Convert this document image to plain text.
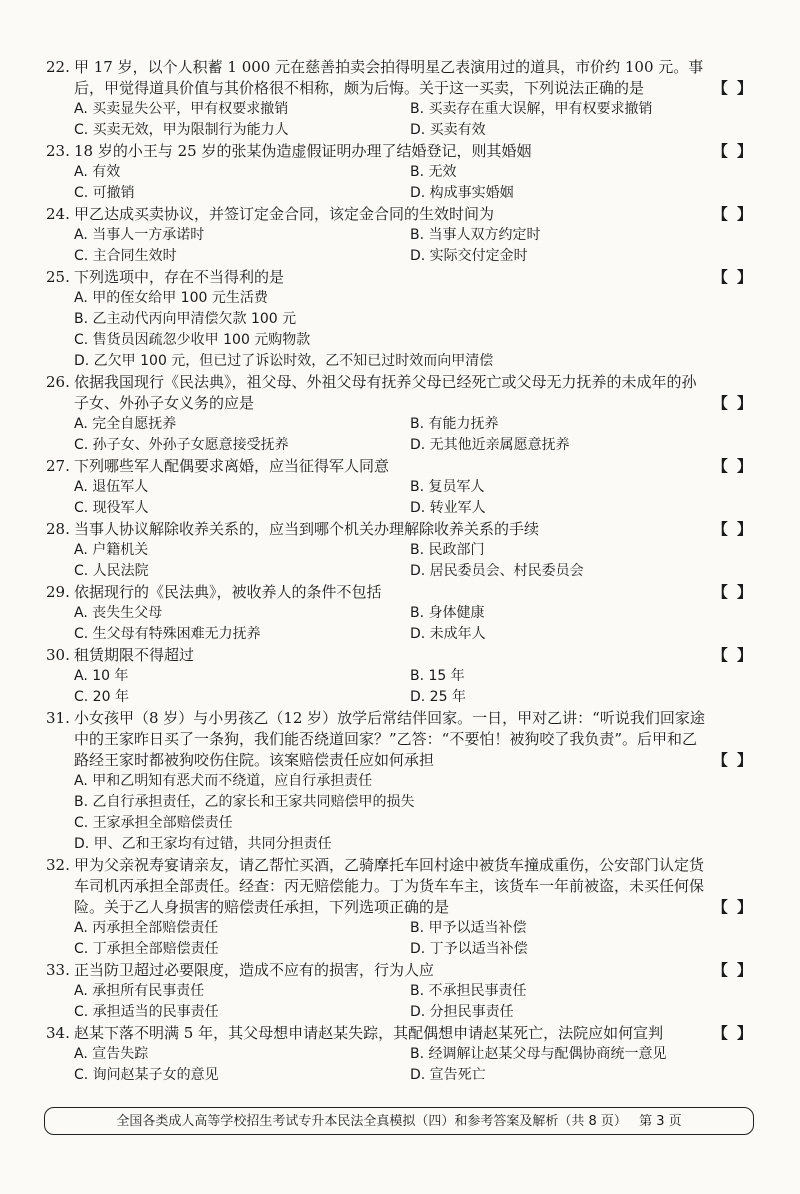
22. 甲 17 岁，以个人积蓄 1 000 元在慈善拍卖会拍得明星乙表演用过的道具，市价约 100 元。事后，甲觉得道具价值与其价格很不相称，颇为后悔。关于这一买卖，下列说法正确的是	【 】
A. 买卖显失公平，甲有权要求撤销	B. 买卖存在重大误解，甲有权要求撤销
C. 买卖无效，甲为限制行为能力人	D. 买卖有效
23. 18 岁的小王与 25 岁的张某伪造虚假证明办理了结婚登记，则其婚姻	【 】
A. 有效	B. 无效
C. 可撤销	D. 构成事实婚姻
24. 甲乙达成买卖协议，并签订定金合同，该定金合同的生效时间为	【 】
A. 当事人一方承诺时	B. 当事人双方约定时
C. 主合同生效时	D. 实际交付定金时
25. 下列选项中，存在不当得利的是	【 】
A. 甲的侄女给甲 100 元生活费
B. 乙主动代丙向甲清偿欠款 100 元
C. 售货员因疏忽少收甲 100 元购物款
D. 乙欠甲 100 元，但已过了诉讼时效，乙不知已过时效而向甲清偿
26. 依据我国现行《民法典》，祖父母、外祖父母有抚养父母已经死亡或父母无力抚养的未成年的孙子女、外孙子女义务的应是	【 】
A. 完全自愿抚养	B. 有能力抚养
C. 孙子女、外孙子女愿意接受抚养	D. 无其他近亲属愿意抚养
27. 下列哪些军人配偶要求离婚，应当征得军人同意	【 】
A. 退伍军人	B. 复员军人
C. 现役军人	D. 转业军人
28. 当事人协议解除收养关系的，应当到哪个机关办理解除收养关系的手续	【 】
A. 户籍机关	B. 民政部门
C. 人民法院	D. 居民委员会、村民委员会
29. 依据现行的《民法典》，被收养人的条件不包括	【 】
A. 丧失生父母	B. 身体健康
C. 生父母有特殊困难无力抚养	D. 未成年人
30. 租赁期限不得超过	【 】
A. 10 年	B. 15 年
C. 20 年	D. 25 年
31. 小女孩甲（8 岁）与小男孩乙（12 岁）放学后常结伴回家。一日，甲对乙讲：“听说我们回家途中的王家昨日买了一条狗，我们能否绕道回家？”乙答：“不要怕！被狗咬了我负责”。后甲和乙路经王家时都被狗咬伤住院。该案赔偿责任应如何承担	【 】
A. 甲和乙明知有恶犬而不绕道，应自行承担责任
B. 乙自行承担责任，乙的家长和王家共同赔偿甲的损失
C. 王家承担全部赔偿责任
D. 甲、乙和王家均有过错，共同分担责任
32. 甲为父亲祝寿宴请亲友，请乙帮忙买酒，乙骑摩托车回村途中被货车撞成重伤，公安部门认定货车司机丙承担全部责任。经查：丙无赔偿能力。丁为货车车主，该货车一年前被盗，未买任何保险。关于乙人身损害的赔偿责任承担，下列选项正确的是	【 】
A. 丙承担全部赔偿责任	B. 甲予以适当补偿
C. 丁承担全部赔偿责任	D. 丁予以适当补偿
33. 正当防卫超过必要限度，造成不应有的损害，行为人应	【 】
A. 承担所有民事责任	B. 不承担民事责任
C. 承担适当的民事责任	D. 分担民事责任
34. 赵某下落不明满 5 年，其父母想申请赵某失踪，其配偶想申请赵某死亡，法院应如何宣判	【 】
A. 宣告失踪	B. 经调解让赵某父母与配偶协商统一意见
C. 询问赵某子女的意见	D. 宣告死亡
全国各类成人高等学校招生考试专升本民法全真模拟（四）和参考答案及解析（共 8 页） 第 3 页
